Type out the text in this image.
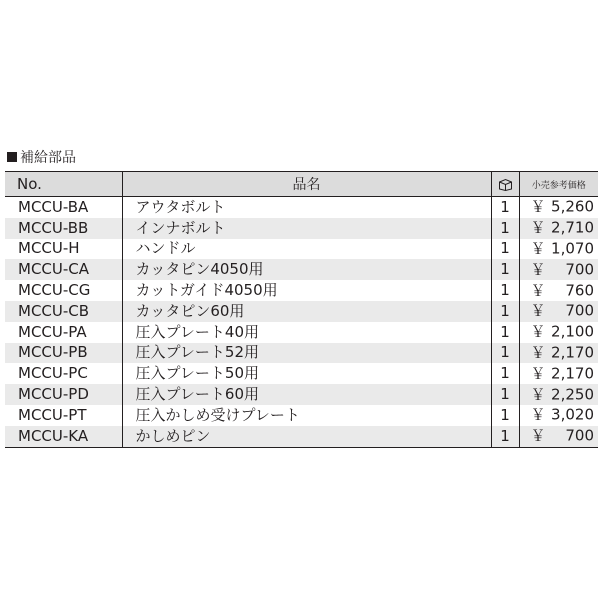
補給部品
No.	品名		小売参考価格
MCCU-BA	アウタボルト	1	￥ 5,260

MCCU-BB	インナボルト	1	￥ 2,710

MCCU-H	ハンドル	1	￥ 1,070

MCCU-CA	カッタピン4050用	1	￥ 700

MCCU-CG	カットガイド4050用	1	￥ 760

MCCU-CB	カッタピン60用	1	￥ 700

MCCU-PA	圧入プレート40用	1	￥ 2,100

MCCU-PB	圧入プレート52用	1	￥ 2,170

MCCU-PC	圧入プレート50用	1	￥ 2,170

MCCU-PD	圧入プレート60用	1	￥ 2,250

MCCU-PT	圧入かしめ受けプレート	1	￥ 3,020

MCCU-KA	かしめピン	1	￥ 700
